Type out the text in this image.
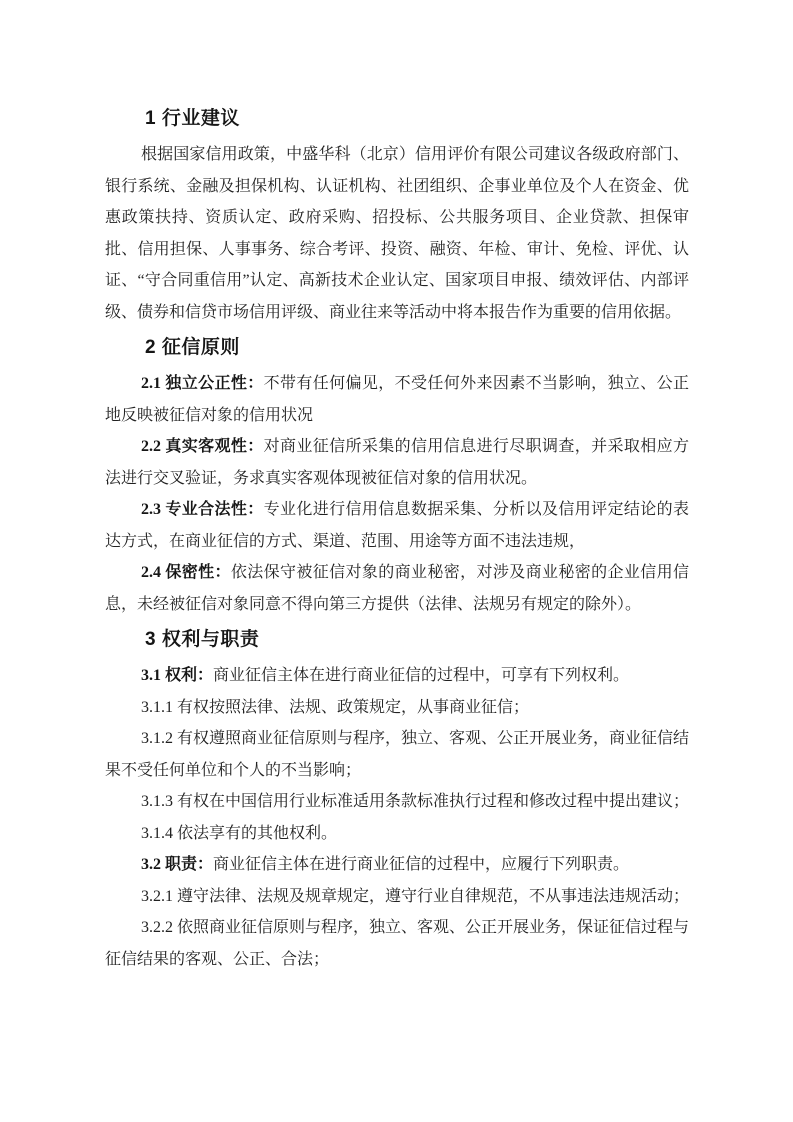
1 行业建议

根据国家信用政策，中盛华科（北京）信用评价有限公司建议各级政府部门、银行系统、金融及担保机构、认证机构、社团组织、企事业单位及个人在资金、优惠政策扶持、资质认定、政府采购、招投标、公共服务项目、企业贷款、担保审批、信用担保、人事事务、综合考评、投资、融资、年检、审计、免检、评优、认证、“守合同重信用”认定、高新技术企业认定、国家项目申报、绩效评估、内部评级、债券和信贷市场信用评级、商业往来等活动中将本报告作为重要的信用依据。

2 征信原则

2.1 独立公正性：不带有任何偏见，不受任何外来因素不当影响，独立、公正地反映被征信对象的信用状况

2.2 真实客观性：对商业征信所采集的信用信息进行尽职调查，并采取相应方法进行交叉验证，务求真实客观体现被征信对象的信用状况。

2.3 专业合法性：专业化进行信用信息数据采集、分析以及信用评定结论的表达方式，在商业征信的方式、渠道、范围、用途等方面不违法违规，

2.4 保密性：依法保守被征信对象的商业秘密，对涉及商业秘密的企业信用信息，未经被征信对象同意不得向第三方提供（法律、法规另有规定的除外）。

3 权利与职责

3.1 权利：商业征信主体在进行商业征信的过程中，可享有下列权利。

3.1.1 有权按照法律、法规、政策规定，从事商业征信；

3.1.2 有权遵照商业征信原则与程序，独立、客观、公正开展业务，商业征信结果不受任何单位和个人的不当影响；

3.1.3 有权在中国信用行业标准适用条款标准执行过程和修改过程中提出建议；

3.1.4 依法享有的其他权利。

3.2 职责：商业征信主体在进行商业征信的过程中，应履行下列职责。

3.2.1 遵守法律、法规及规章规定，遵守行业自律规范，不从事违法违规活动；

3.2.2 依照商业征信原则与程序，独立、客观、公正开展业务，保证征信过程与征信结果的客观、公正、合法；
